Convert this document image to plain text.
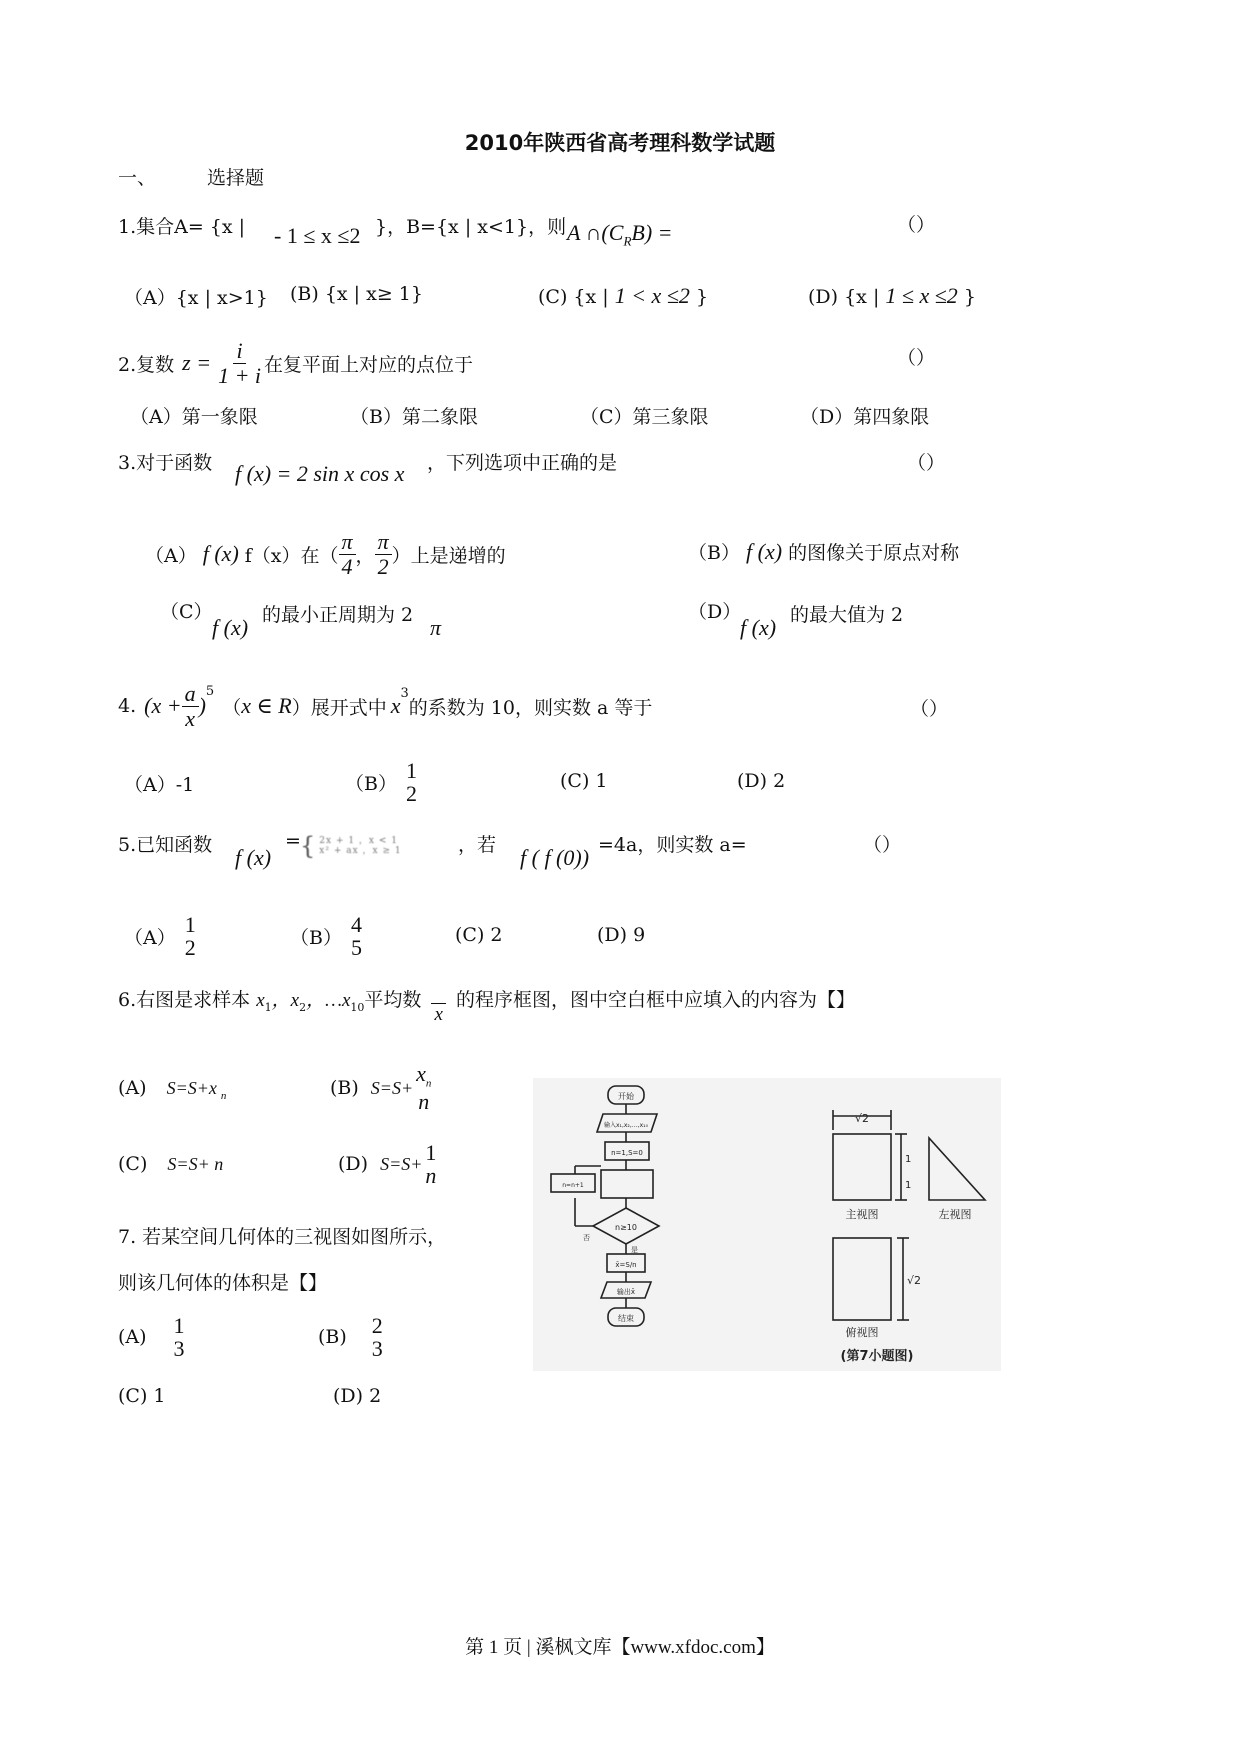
2010年陕西省高考理科数学试题
一、	选择题
1.集合A= {x | - 1 ≤ x ≤2 }，B={x | x<1}，则 A $\cap(C_RB)$ =	（）
（A）{x | x>1} (B) {x | x≥ 1}	(C) {x | 1 < x ≤2 }	(D) {x | 1 ≤ x ≤2 }
2.复数 $z = \frac{i}{1 + i}$ 在复平面上对应的点位于	（）
（A）第一象限	（B）第二象限	（C）第三象限	（D）第四象限
3.对于函数 f (x) = 2 sin x cos x ，下列选项中正确的是	（）
（A） f (x) f（x）在（ $\frac{\pi}{4}$ ， $\frac{\pi}{2}$ ）上是递增的	（B） f (x) 的图像关于原点对称
（C）
f (x) 的最小正周期为 2 π
（D）
f (x) 的最大值为 2
4. ($x + \frac{a}{x}$ )
$^5$
（ x ∈ R ）展开式中 $x^3$
的系数为 10，则实数 a 等于	（）
（A）-1	（B）
1
2	(C) 1	(D) 2
5.已知函数 f (x)
= { 2x + 1 ，x < 1
x² + ax ，x ≥ 1	，若 f ( f (0)) =4a，则实数 a=	（）
（A）
1
2	（B）
4
5	(C) 2	(D) 9
6.右图是求样本 $x_1$，$x_2$，$\dots x_{10}$平均数 x 的程序框图，图中空白框中应填入的内容为【】
(A) S=S+x $_n$	(B) S=S+
$x_n$
n
(C) S=S+ n	(D) S=S+ 1
n
7. 若某空间几何体的三视图如图所示，
则该几何体的体积是【】
(A) 1
3	(B) 2
3
(C) 1	(D) 2
开始
输入x₁,x₂,…,x₁₀
n=1,S=0
n=n+1
n≥10
否
是
x̄=S/n
输出x̄
结束
√2
1
1
主视图	左视图
√2
俯视图
(第7小题图)
第 1 页 | 溪枫文库【www.xfdoc.com】
